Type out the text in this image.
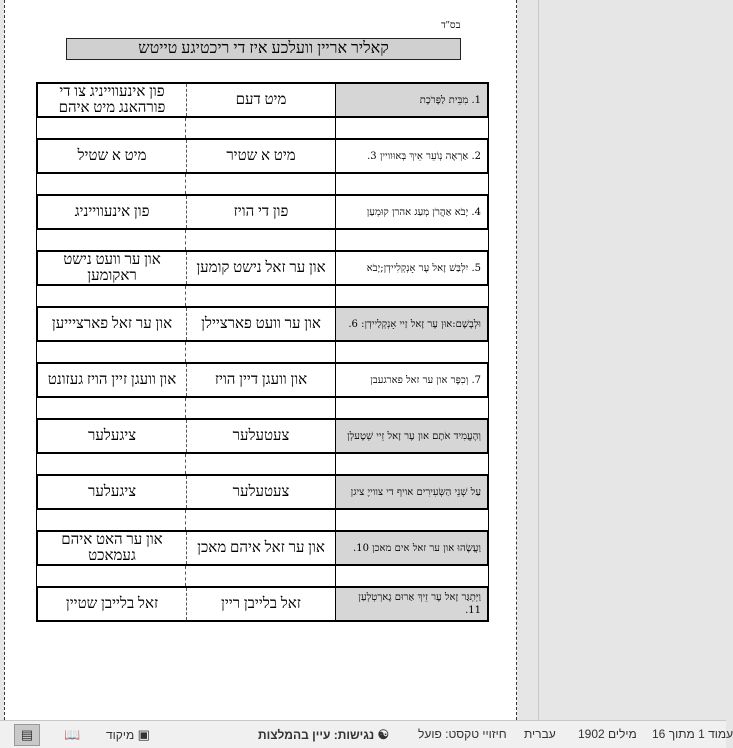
בס"ד
קאליר אריין וועלכע איז די ריכטיגע טייטש
פון אינעווייניג צו די פורהאנג מיט איהם	מיט דעם	1. מִבֵּית לַפָּרֹכֶת
מיט א שטיל	מיט א שטיר	2. אַרְאֶה נְוֹעֵר אֵיךְ בְּאוּוויין 3.
פון אינעווייניג	פון די הויז	4. יָבֹא אַהֲרֹן מְעַג אהרן קוּמְעַן
און ער וועט נישט ראקומען	און ער זאל נישט קומען	5. יִלְבַּשׁ זָאל עֶר אָנְקְלִיידְן;יָבֹא
און ער זאל פארציייען	און ער וועט פארציילן	וּלְבָשָׁם:אוּן עֶר זָאל זַיי אָנְקְלַיידְן: 6.
און וועגן זיין הויז געזונט	און וועגן דיין הויז	7. וְכִפֶּר און ער זאל פארגעבן
ציגעלער	צעטעלער	וְהֶעֱמִיד אֹתָם און עֶר זָאל זֵיי שְׁטֶעלְן
ציגעלער	צעטעלער	עַל שְׁנֵי הַשְּׂעִירִים אויף די צווייֶ ציגן
און ער האט איהם געמאכט	און ער זאל איהם מאכן	וַעֲשָׂהוּ און ער זאל אים מאכן 10.
זאל בלייבן שטיין	זאל בלייבן ריין	וַיְּתְגַּר זָאל עֶר זֵיךְ אַרוּם גֶארְטְלְעַן 11.
▤	📖 מיקוד ▣	נגישות: עיין בהמלצות ☯ חיזויי טקסט: פועל עברית 1902 מילים עמוד 1 מתוך 16
